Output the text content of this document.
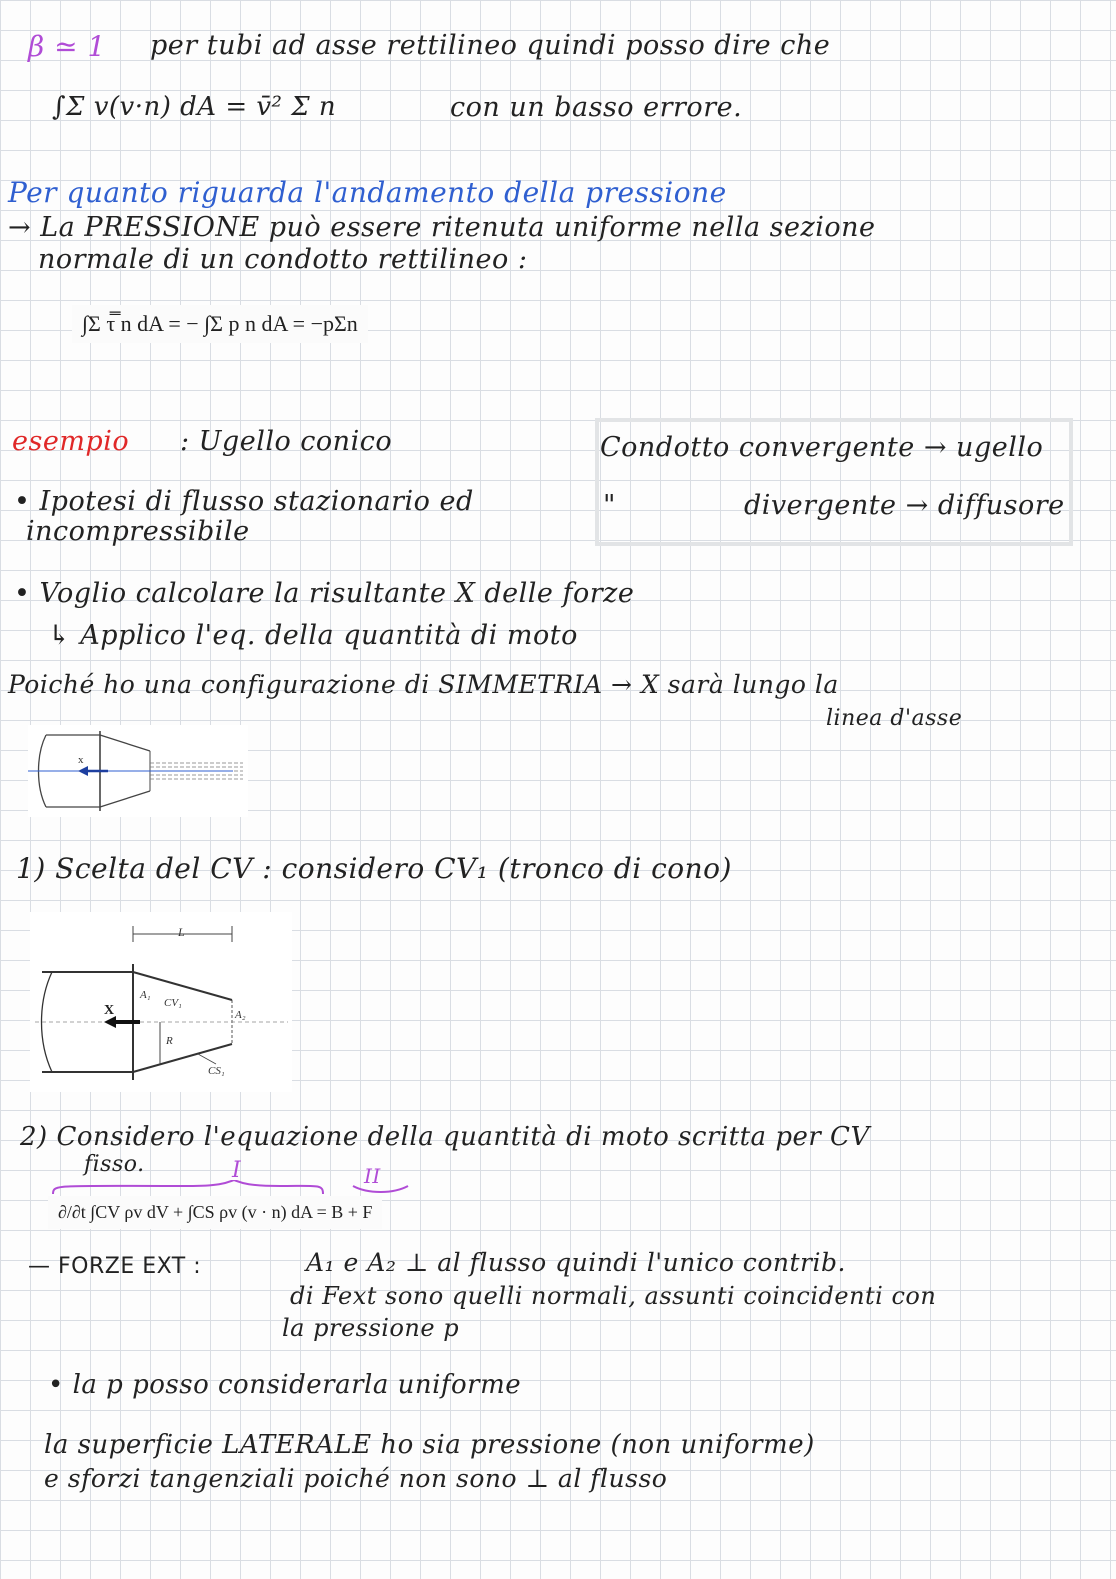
β ≃ 1 per tubi ad asse rettilineo quindi posso dire che
∫Σ v(v·n) dA = v̄² Σ n	con un basso errore.
Per quanto riguarda l'andamento della pressione
→ La PRESSIONE può essere ritenuta uniforme nella sezione
normale di un condotto rettilineo :
∫Σ τ̿ n dA = − ∫Σ p n dA = −pΣn
esempio : Ugello conico	Condotto convergente → ugello
"	divergente → diffusore
• Ipotesi di flusso stazionario ed
incompressibile
• Voglio calcolare la risultante X delle forze
↳ Applico l'eq. della quantità di moto
Poiché ho una configurazione di SIMMETRIA → X sarà lungo la
linea d'asse
x
1) Scelta del CV : considero CV₁ (tronco di cono)
L
X
A₁
CV₁
A₂
R
CS₁
2) Considero l'equazione della quantità di moto scritta per CV
fisso.	I	II
∂/∂t ∫CV ρv dV + ∫CS ρv (v · n) dA = B + F
— FORZE EXT :	A₁ e A₂ ⊥ al flusso quindi l'unico contrib.
di Fext sono quelli normali, assunti coincidenti con
la pressione p
• la p posso considerarla uniforme
la superficie LATERALE ho sia pressione (non uniforme)
e sforzi tangenziali poiché non sono ⊥ al flusso
